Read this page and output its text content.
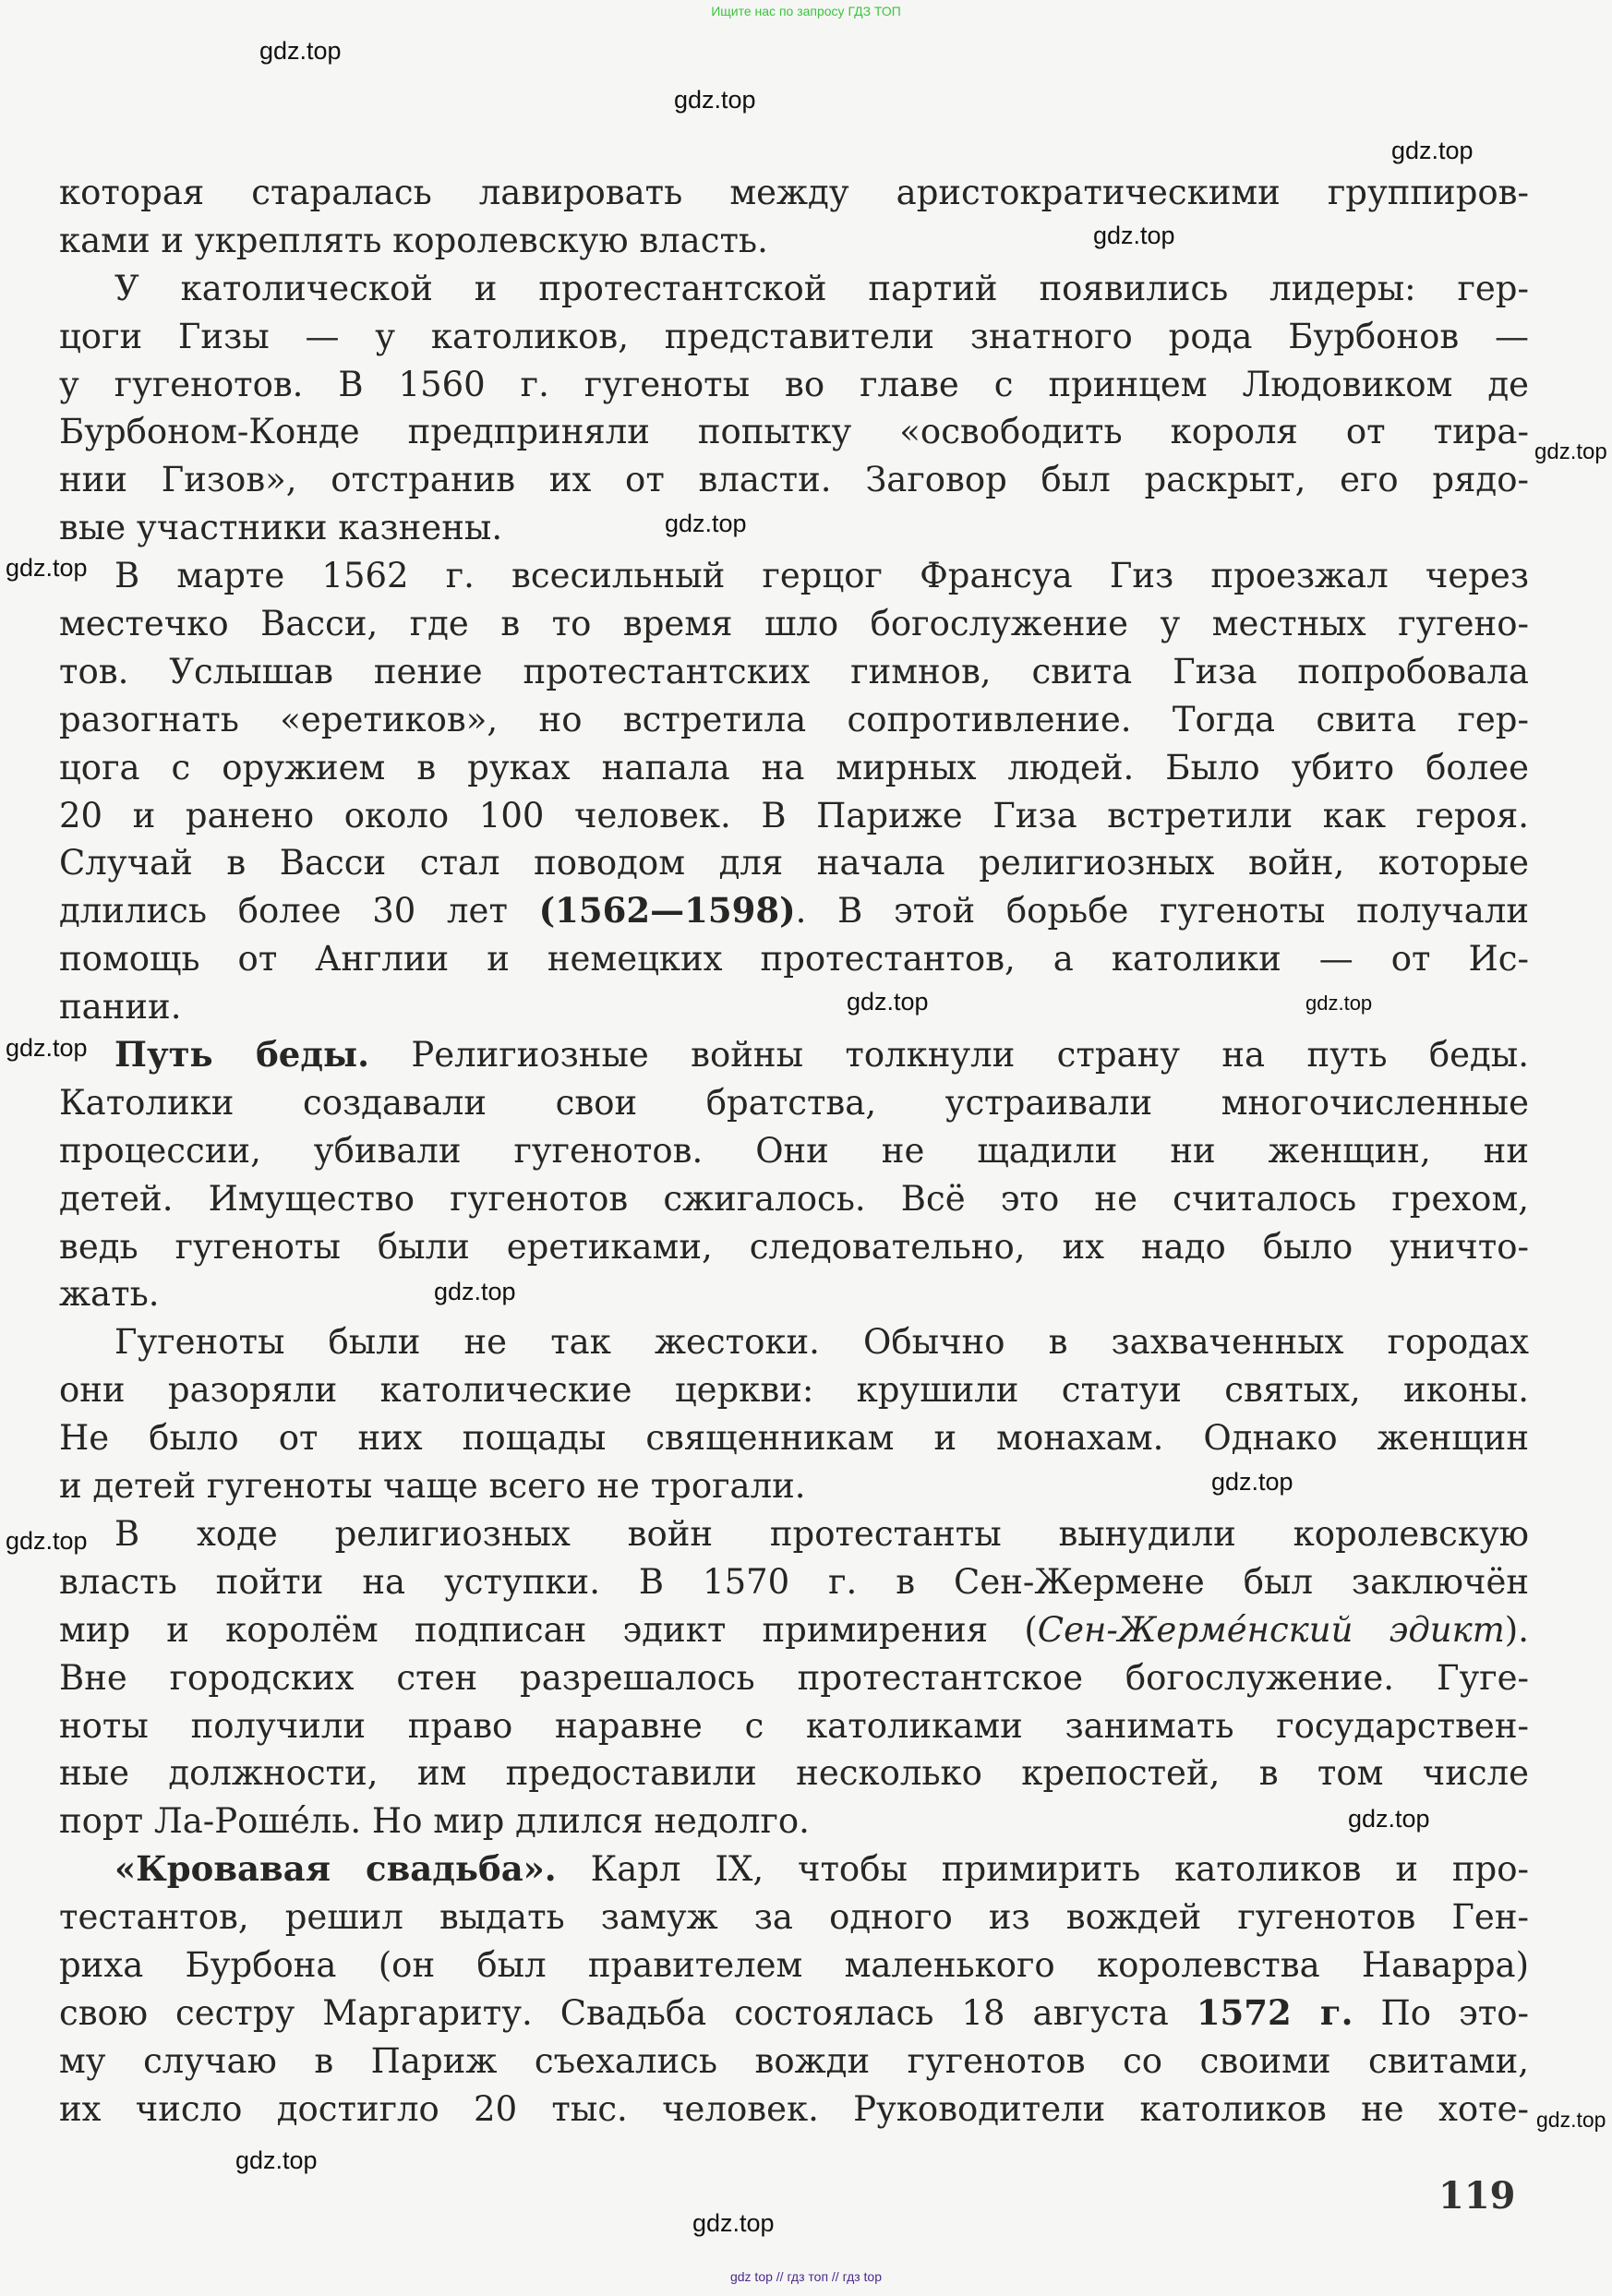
Ищите нас по запросу ГДЗ ТОП
которая старалась лавировать между аристократическими группиров-
ками и укреплять королевскую власть.
У католической и протестантской партий появились лидеры: гер-
цоги Гизы — у католиков, представители знатного рода Бурбонов —
у гугенотов. В 1560 г. гугеноты во главе с принцем Людовиком де
Бурбоном-Конде предприняли попытку «освободить короля от тира-
нии Гизов», отстранив их от власти. Заговор был раскрыт, его рядо-
вые участники казнены.
В марте 1562 г. всесильный герцог Франсуа Гиз проезжал через
местечко Васси, где в то время шло богослужение у местных гугено-
тов. Услышав пение протестантских гимнов, свита Гиза попробовала
разогнать «еретиков», но встретила сопротивление. Тогда свита гер-
цога с оружием в руках напала на мирных людей. Было убито более
20 и ранено около 100 человек. В Париже Гиза встретили как героя.
Случай в Васси стал поводом для начала религиозных войн, которые
длились более 30 лет (1562—1598). В этой борьбе гугеноты получали
помощь от Англии и немецких протестантов, а католики — от Ис-
пании.
Путь беды. Религиозные войны толкнули страну на путь беды.
Католики создавали свои братства, устраивали многочисленные
процессии, убивали гугенотов. Они не щадили ни женщин, ни
детей. Имущество гугенотов сжигалось. Всё это не считалось грехом,
ведь гугеноты были еретиками, следовательно, их надо было уничто-
жать.
Гугеноты были не так жестоки. Обычно в захваченных городах
они разоряли католические церкви: крушили статуи святых, иконы.
Не было от них пощады священникам и монахам. Однако женщин
и детей гугеноты чаще всего не трогали.
В ходе религиозных войн протестанты вынудили королевскую
власть пойти на уступки. В 1570 г. в Сен-Жермене был заключён
мир и королём подписан эдикт примирения (Сен-Жерме́нский эдикт).
Вне городских стен разрешалось протестантское богослужение. Гуге-
ноты получили право наравне с католиками занимать государствен-
ные должности, им предоставили несколько крепостей, в том числе
порт Ла-Роше́ль. Но мир длился недолго.
«Кровавая свадьба». Карл IX, чтобы примирить католиков и про-
тестантов, решил выдать замуж за одного из вождей гугенотов Ген-
риха Бурбона (он был правителем маленького королевства Наварра)
свою сестру Маргариту. Свадьба состоялась 18 августа 1572 г. По это-
му случаю в Париж съехались вожди гугенотов со своими свитами,
их число достигло 20 тыс. человек. Руководители католиков не хоте-
119
gdz.top
gdz.top
gdz.top
gdz.top
gdz.top
gdz.top
gdz.top
gdz.top
gdz.top
gdz.top
gdz.top
gdz.top
gdz.top
gdz.top
gdz.top
gdz.top
gdz.top
gdz top // гдз топ // гдз top
